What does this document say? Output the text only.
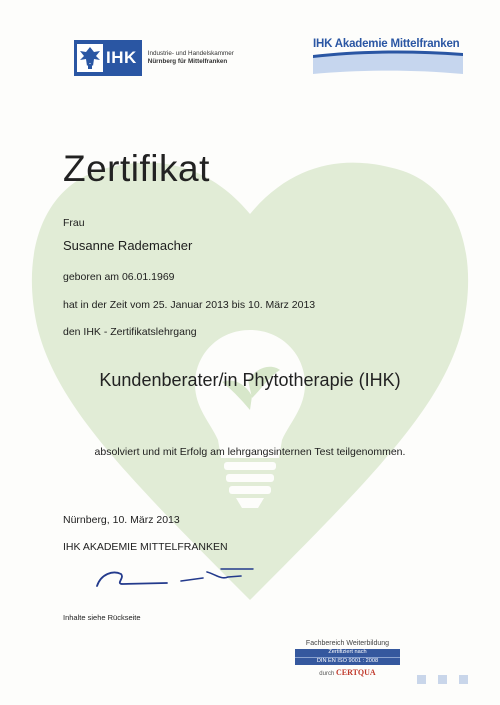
IHK Industrie- und Handelskammer
Nürnberg für Mittelfranken
IHK Akademie Mittelfranken
Zertifikat
Frau
Susanne Rademacher
geboren am 06.01.1969
hat in der Zeit vom 25. Januar 2013 bis 10. März 2013
den IHK - Zertifikatslehrgang
Kundenberater/in Phytotherapie (IHK)
absolviert und mit Erfolg am lehrgangsinternen Test teilgenommen.
Nürnberg, 10. März 2013
IHK AKADEMIE MITTELFRANKEN
Inhalte siehe Rückseite
Fachbereich Weiterbildung
Zertifiziert nach
DIN EN ISO 9001 : 2008
durch CERTQUA
